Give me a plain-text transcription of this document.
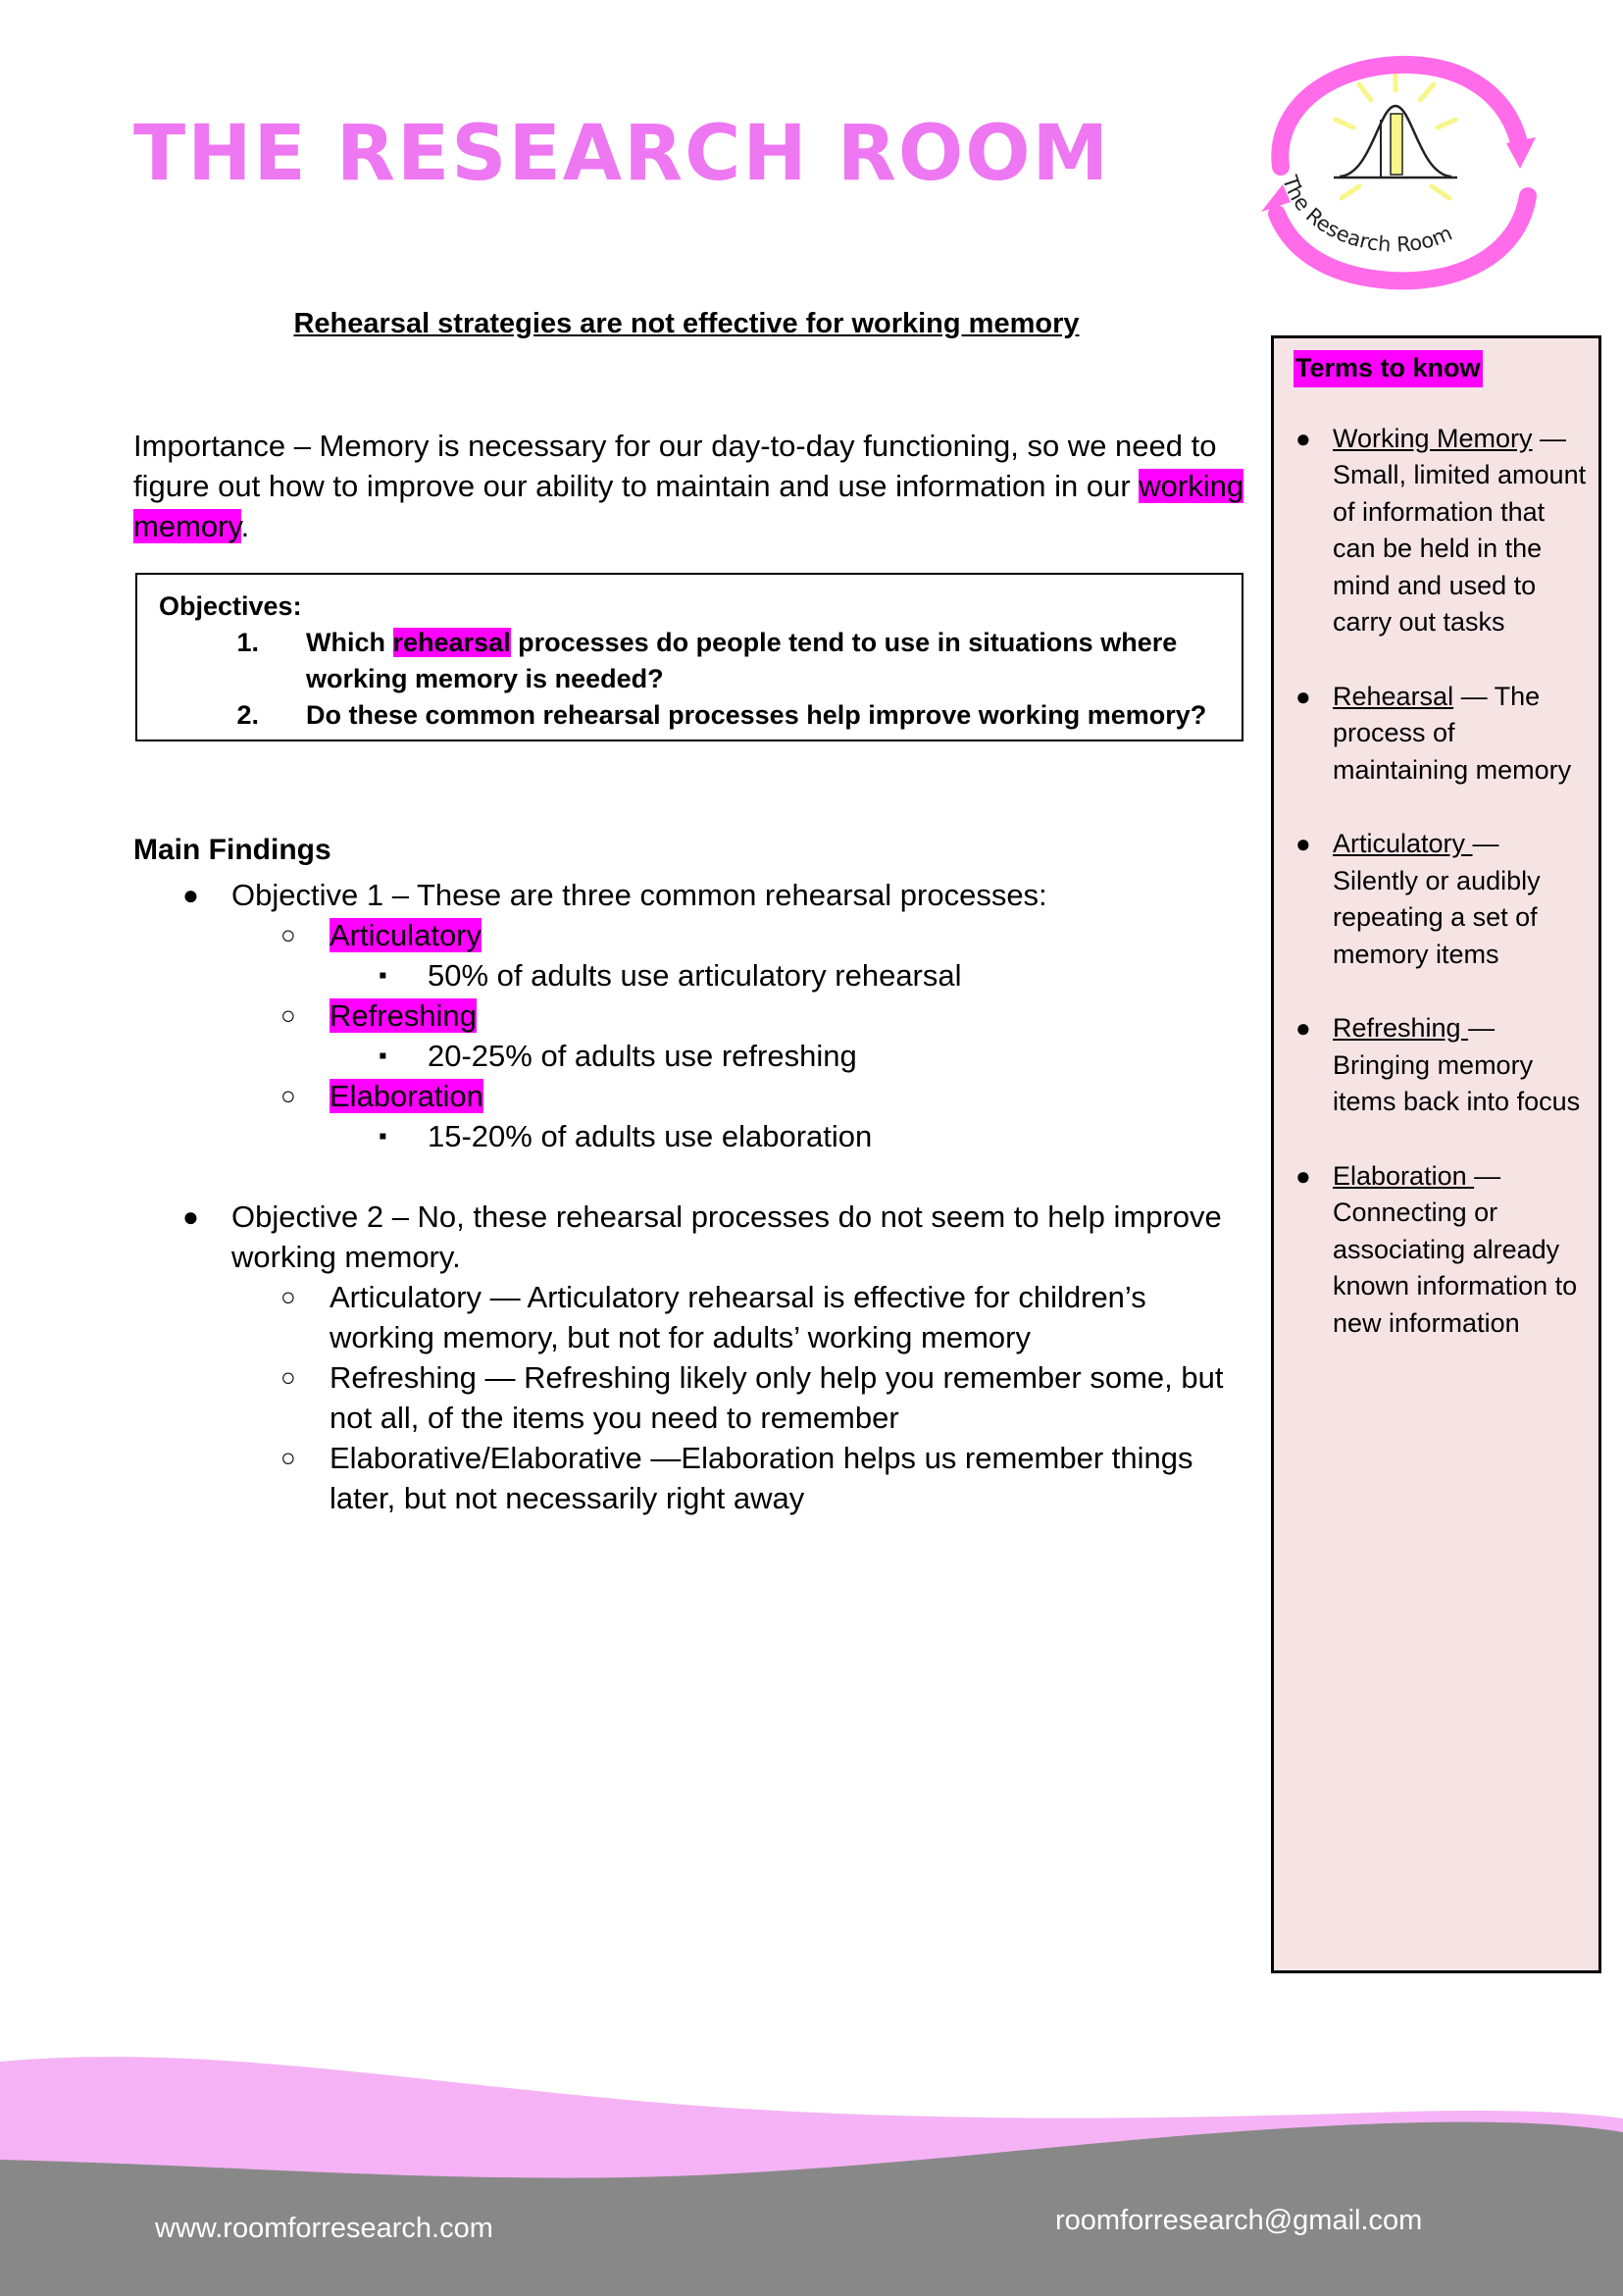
THE RESEARCH ROOM	The Research Room
Rehearsal strategies are not effective for working memory

Importance – Memory is necessary for our day-to-day functioning, so we need to figure out how to improve our ability to maintain and use information in our working memory.

Objectives:
1. Which rehearsal processes do people tend to use in situations where working memory is needed?
2. Do these common rehearsal processes help improve working memory?
Main Findings
● Objective 1 – These are three common rehearsal processes:
○ Articulatory
▪ 50% of adults use articulatory rehearsal
○ Refreshing
▪ 20-25% of adults use refreshing
○ Elaboration
▪ 15-20% of adults use elaboration
● Objective 2 – No, these rehearsal processes do not seem to help improve working memory.
○ Articulatory — Articulatory rehearsal is effective for children’s working memory, but not for adults’ working memory
○ Refreshing — Refreshing likely only help you remember some, but not all, of the items you need to remember
○ Elaborative/Elaborative —Elaboration helps us remember things later, but not necessarily right away
Terms to know
● Working Memory — Small, limited amount of information that can be held in the mind and used to carry out tasks
● Rehearsal — The process of maintaining memory
● Articulatory — Silently or audibly repeating a set of memory items
● Refreshing — Bringing memory items back into focus
● Elaboration — Connecting or associating already known information to new information

www.roomforresearch.com	roomforresearch@gmail.com
